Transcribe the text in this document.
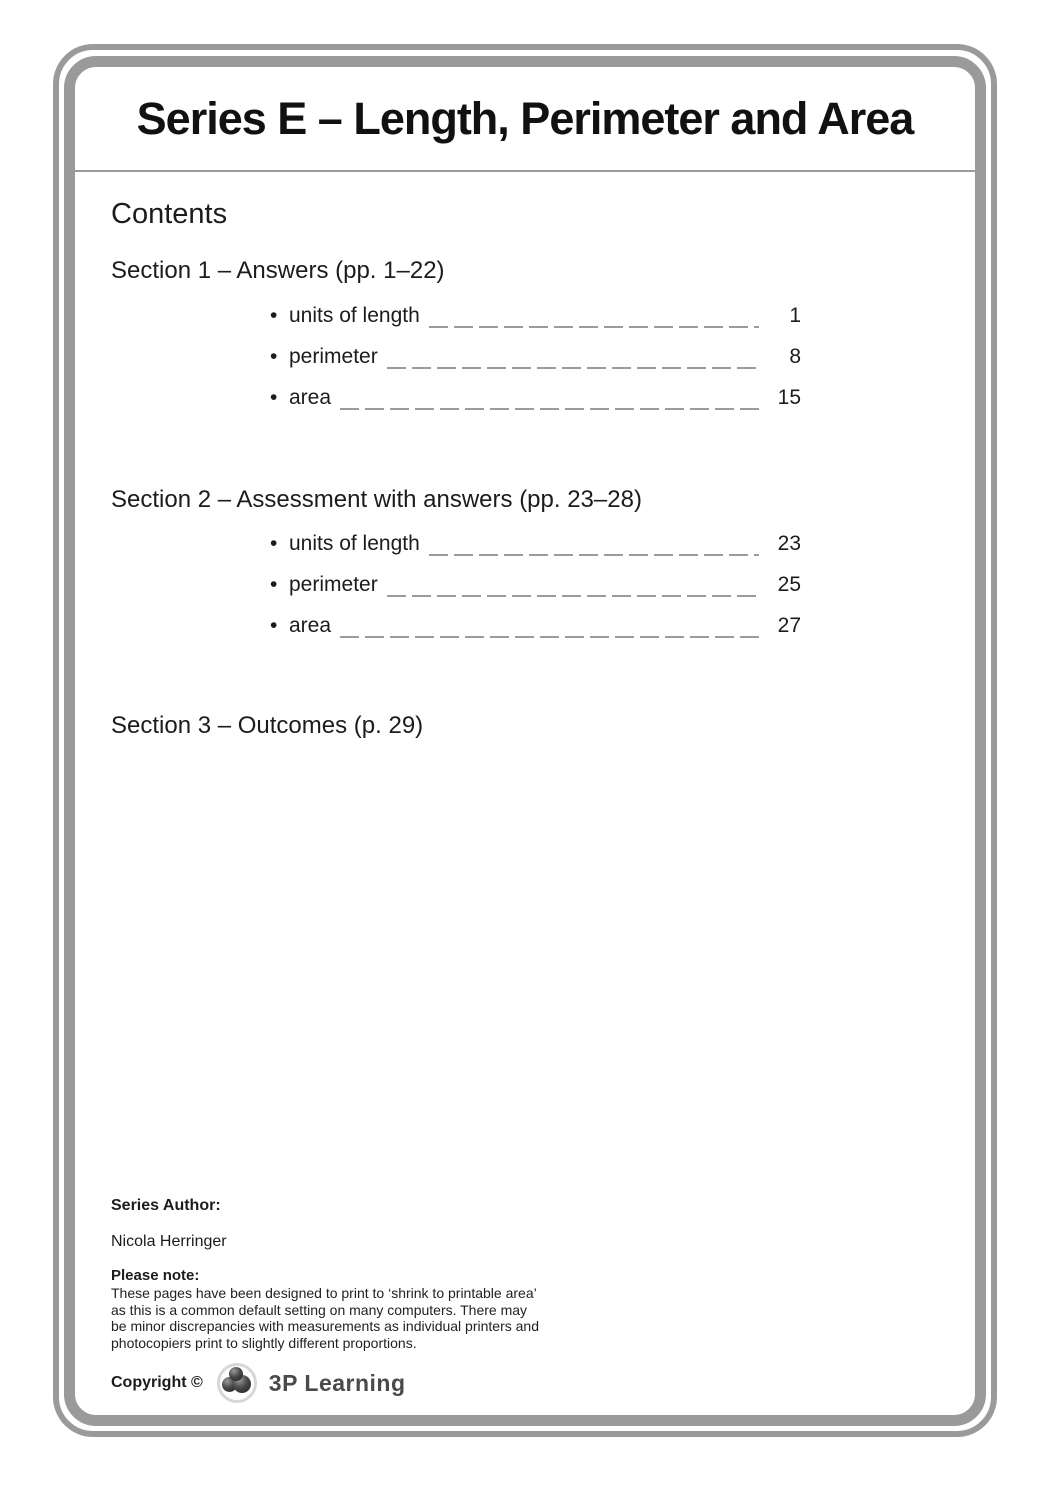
Series E – Length, Perimeter and Area
Contents
Section 1 – Answers (pp. 1–22)
• units of length	1
• perimeter	8
• area	15
Section 2 – Assessment with answers (pp. 23–28)
• units of length	23
• perimeter	25
• area	27
Section 3 – Outcomes (p. 29)
Series Author:
Nicola Herringer
Please note:
These pages have been designed to print to ‘shrink to printable area’ as this is a common default setting on many computers. There may be minor discrepancies with measurements as individual printers and photocopiers print to slightly different proportions.
Copyright ©	3P Learning
